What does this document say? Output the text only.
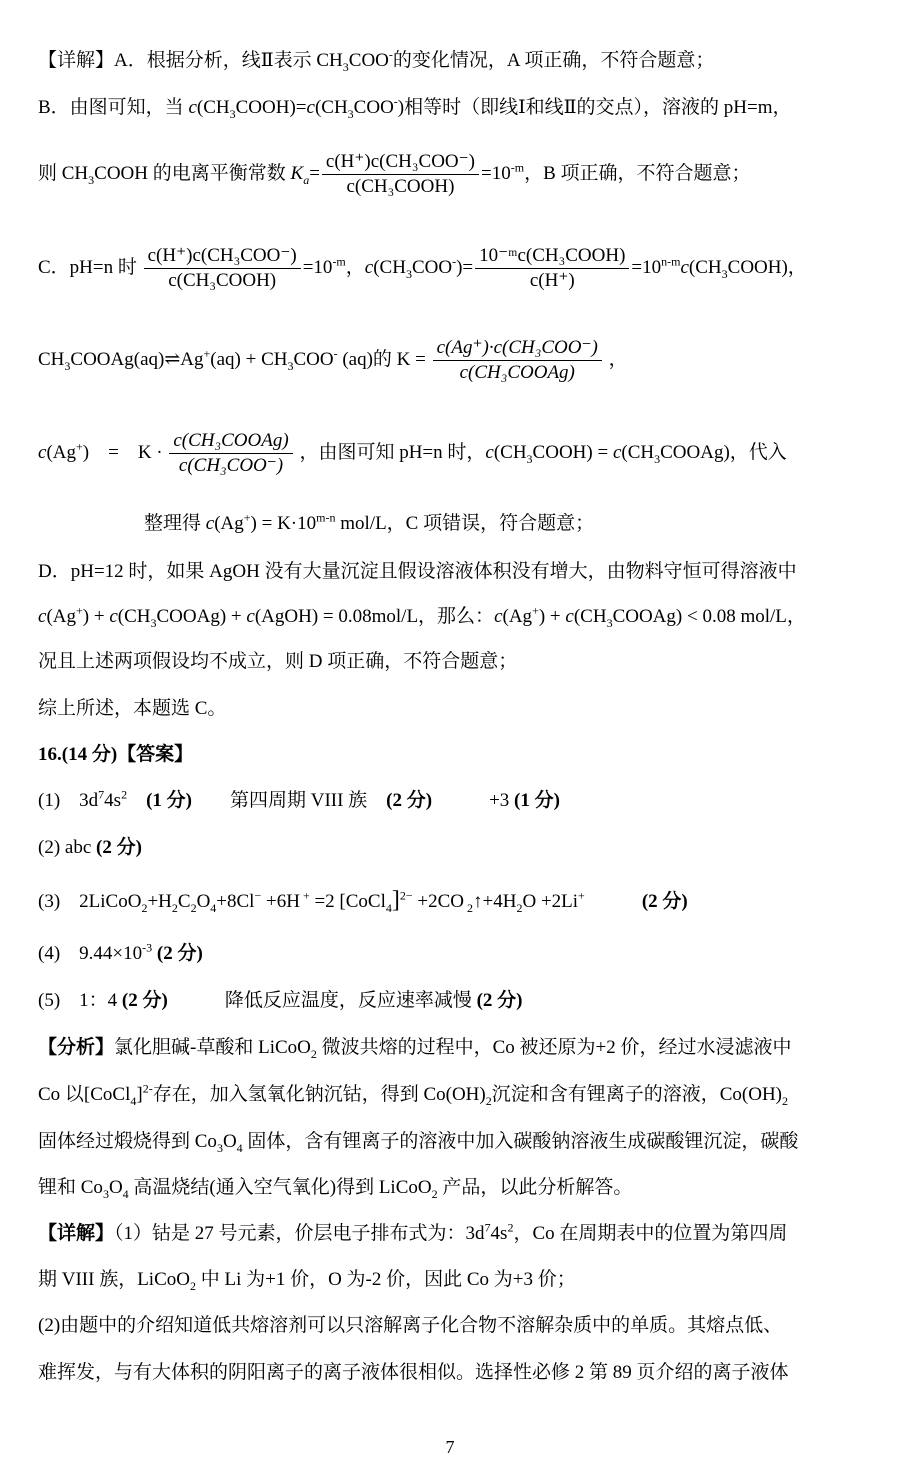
【详解】A．根据分析，线Ⅱ表示 $CH_3COO^-$的变化情况，A 项正确，不符合题意；
B．由图可知，当 $c(CH_3COOH)=c(CH_3COO^-)$相等时（即线Ⅰ和线Ⅱ的交点），溶液的 pH=m，
则 $CH_3COOH$ 的电离平衡常数 $K_a= \frac{\text{c(H⁺)c(CH₃COO⁻)}}{\text{c(CH₃COOH)}} =10^{-m}$，B 项正确，不符合题意；
C．pH=n 时 $\frac{\text{c(H⁺)c(CH₃COO⁻)}}{\text{c(CH₃COOH)}} =10^{-m}$，$c(CH_3COO^-)= \frac{\text{10⁻ᵐc(CH₃COOH)}}{c(H^+)}$ $=10^{n-m}c(CH_3COOH)$，
$CH_3COOAg(aq)\rightleftharpoons Ag^+(aq) + CH_3COO^-$ (aq)的 $K = \frac{\text{c(Ag⁺)·c(CH₃COO⁻)}}{\text{c(CH₃COOAg)}}$ ，
c(Ag+)　=　$K \cdot \frac{\text{c(CH₃COOAg)}}{\text{c(CH₃COO⁻)}}$ ，由图可知 pH=n 时，$c(CH_3COOH)$ = $c(CH_3COOAg)$，代入
整理得 $c(Ag^+) = K\cdot 10^{m-n}$ mol/L，C 项错误，符合题意；
D．pH=12 时，如果 AgOH 没有大量沉淀且假设溶液体积没有增大，由物料守恒可得溶液中
$c(Ag^+) + c(CH_3COOAg)$ + c(AgOH) = 0.08mol/L，那么：$c(Ag^+) + c(CH_3COOAg) < 0.08$ mol/L，
况且上述两项假设均不成立，则 D 项正确，不符合题意；
综上所述，本题选 C。
16.(14 分)【答案】
(1)　$3d^74s^2$　(1 分)　　第四周期 VIII 族　(2 分)　　　+3 (1 分)
(2) abc (2 分)
(3)　$2LiCoO_2+H_2C_2O_4+8Cl^- +6H$ + =2 [CoCl$_4$]$^{2-}$ +2CO $_2↑+4H_2O +2Li^+$　　　(2 分)
(4)　$9.44\times 10^{-3}$ (2 分)
(5)　1：4 (2 分)　　　降低反应温度，反应速率减慢 (2 分)
【分析】氯化胆碱-草酸和 LiCoO$_2$ 微波共熔的过程中，Co 被还原为+2 价，经过水浸滤液中
Co 以[CoCl$_4$]$^{2-}$存在，加入氢氧化钠沉钴，得到 $Co(OH)_2$沉淀和含有锂离子的溶液，$Co(OH)_2$
固体经过煅烧得到 $Co_3O_4$ 固体，含有锂离子的溶液中加入碳酸钠溶液生成碳酸锂沉淀，碳酸
锂和 $Co_3O_4$ 高温烧结(通入空气氧化)得到 LiCoO$_2$ 产品，以此分析解答。
【详解】（1）钴是 27 号元素，价层电子排布式为：$3d^74s^2$，Co 在周期表中的位置为第四周
期 VIII 族，LiCoO$_2$ 中 Li 为+1 价，O 为-2 价，因此 Co 为+3 价；
(2)由题中的介绍知道低共熔溶剂可以只溶解离子化合物不溶解杂质中的单质。其熔点低、
难挥发，与有大体积的阴阳离子的离子液体很相似。选择性必修 2 第 89 页介绍的离子液体
7
